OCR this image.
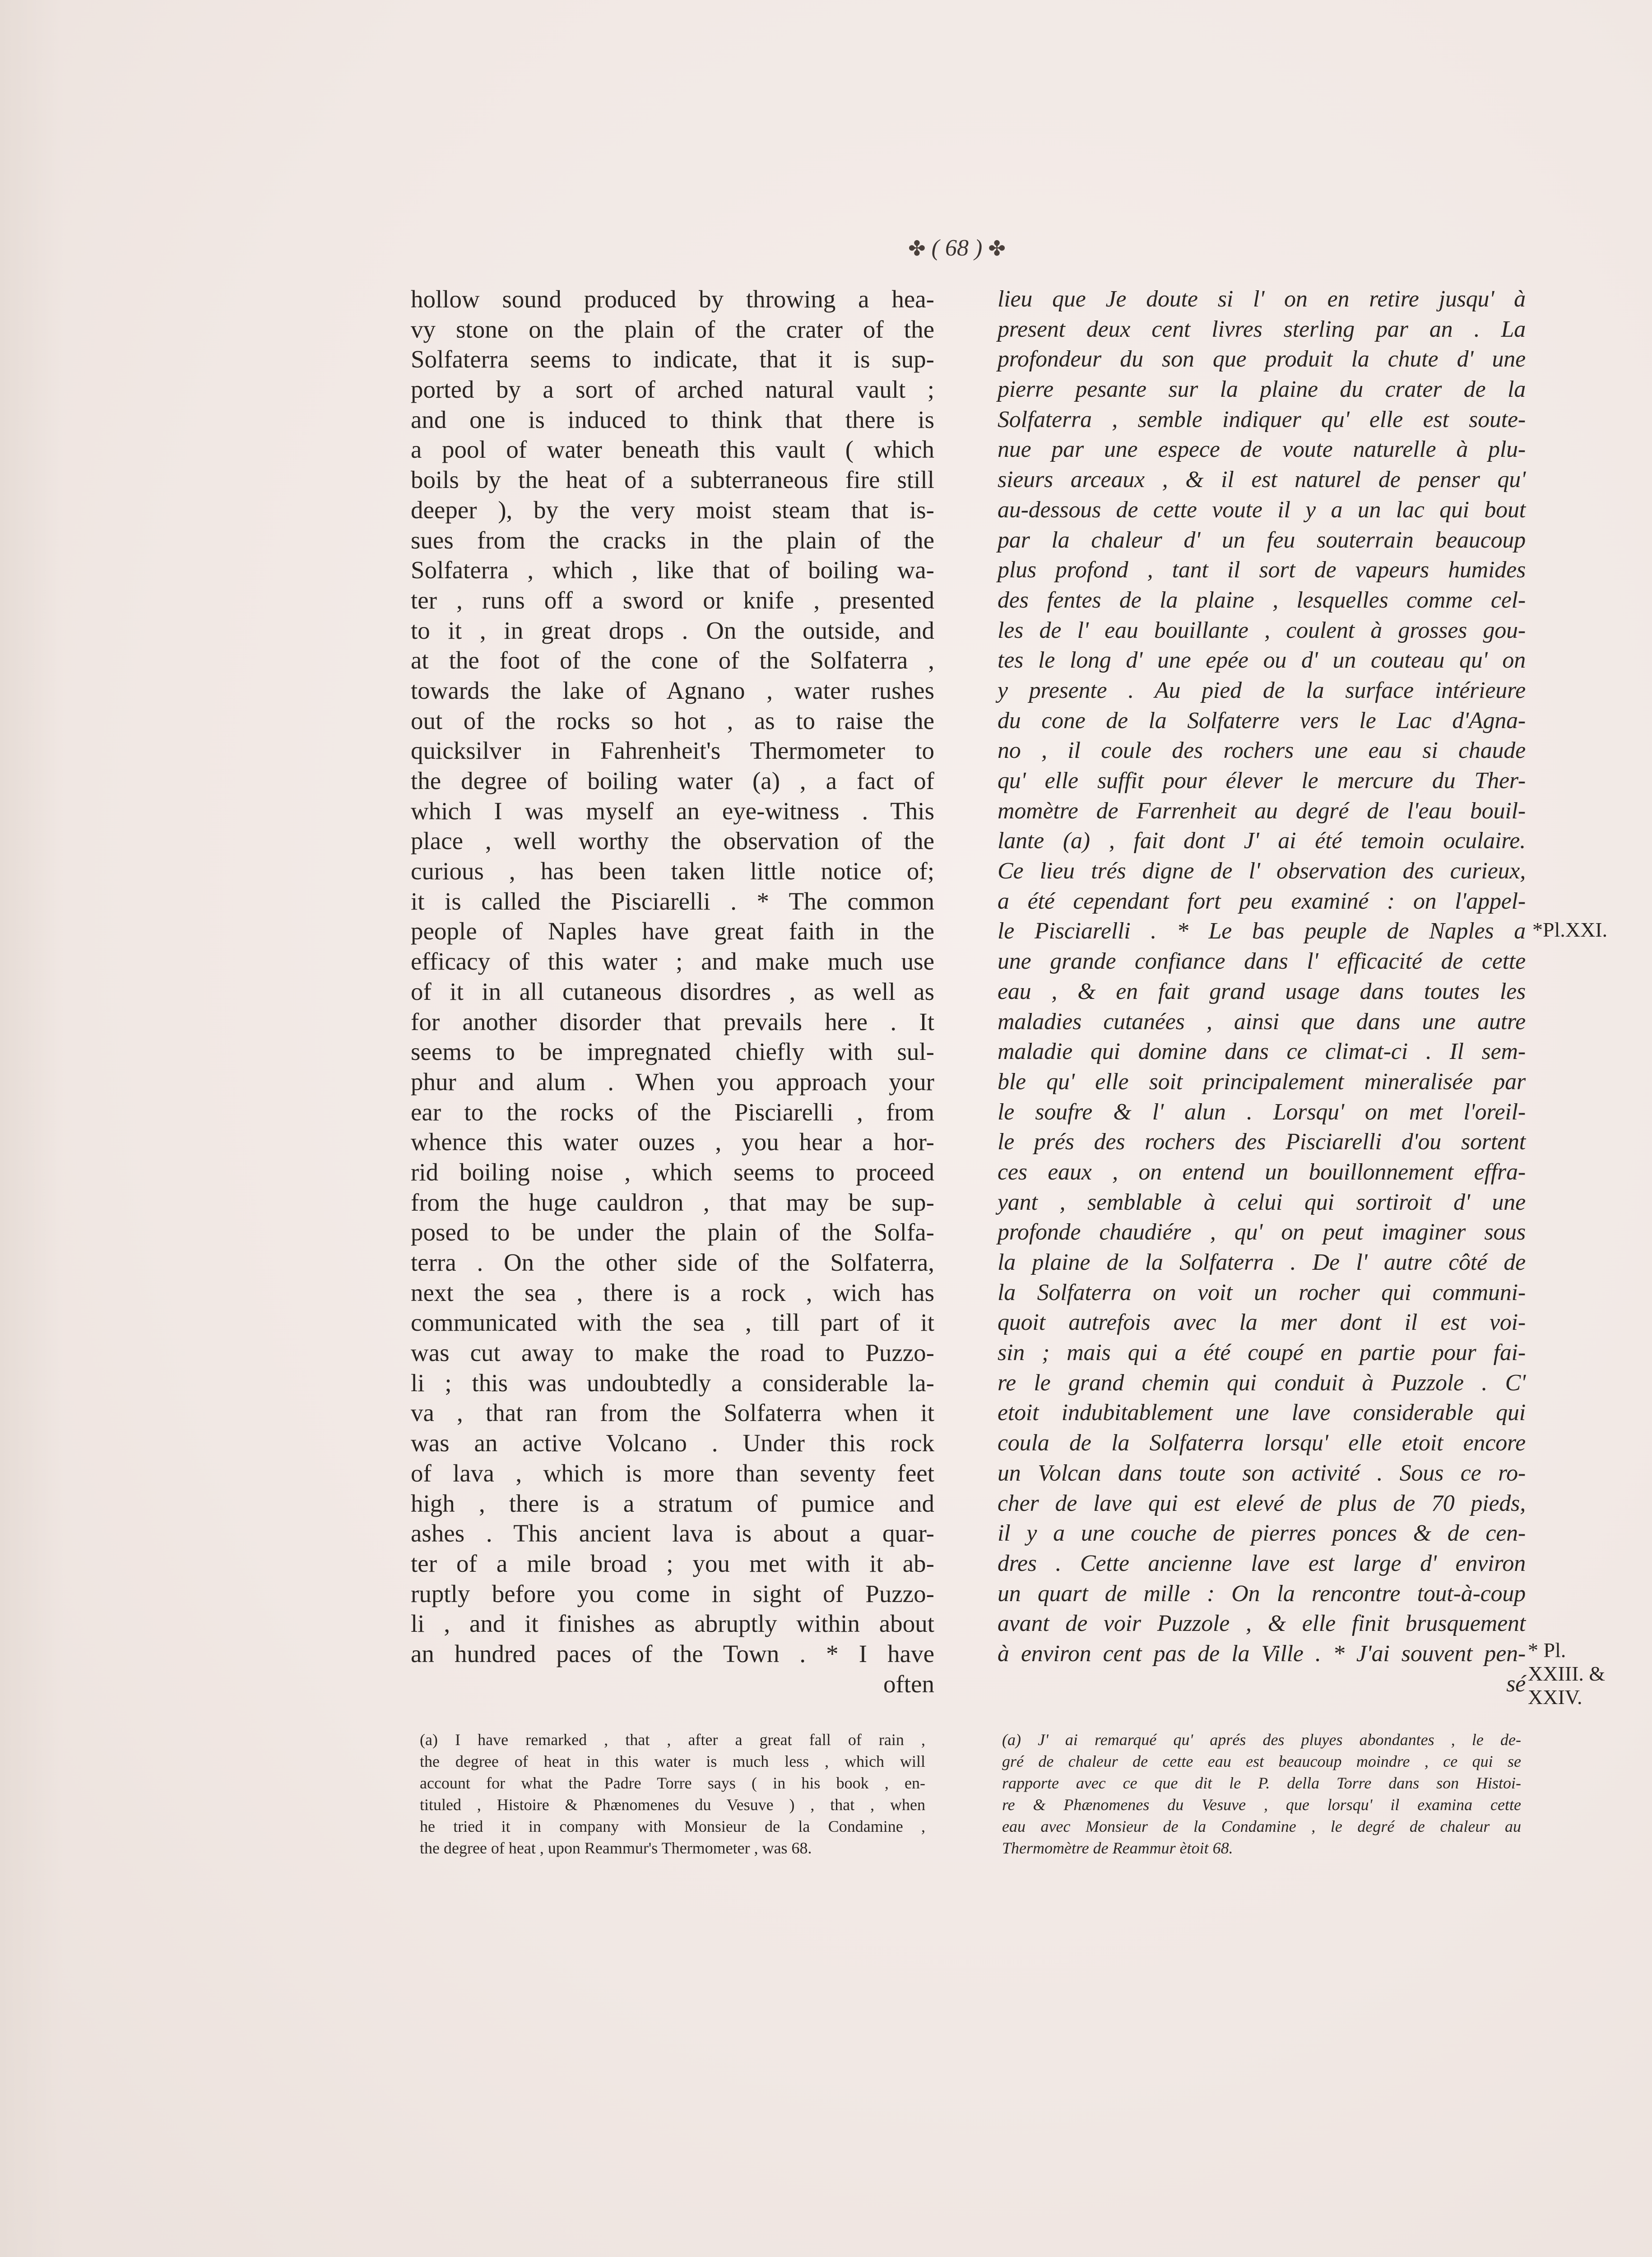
✤ ( 68 ) ✤
hollow sound produced by throwing a hea-
vy stone on the plain of the crater of the
Solfaterra seems to indicate, that it is sup-
ported by a sort of arched natural vault ;
and one is induced to think that there is
a pool of water beneath this vault ( which
boils by the heat of a subterraneous fire still
deeper ), by the very moist steam that is-
sues from the cracks in the plain of the
Solfaterra , which , like that of boiling wa-
ter , runs off a sword or knife , presented
to it , in great drops . On the outside, and
at the foot of the cone of the Solfaterra ,
towards the lake of Agnano , water rushes
out of the rocks so hot , as to raise the
quicksilver in Fahrenheit's Thermometer to
the degree of boiling water (a) , a fact of
which I was myself an eye-witness . This
place , well worthy the observation of the
curious , has been taken little notice of;
it is called the Pisciarelli . * The common
people of Naples have great faith in the
efficacy of this water ; and make much use
of it in all cutaneous disordres , as well as
for another disorder that prevails here . It
seems to be impregnated chiefly with sul-
phur and alum . When you approach your
ear to the rocks of the Pisciarelli , from
whence this water ouzes , you hear a hor-
rid boiling noise , which seems to proceed
from the huge cauldron , that may be sup-
posed to be under the plain of the Solfa-
terra . On the other side of the Solfaterra,
next the sea , there is a rock , wich has
communicated with the sea , till part of it
was cut away to make the road to Puzzo-
li ; this was undoubtedly a considerable la-
va , that ran from the Solfaterra when it
was an active Volcano . Under this rock
of lava , which is more than seventy feet
high , there is a stratum of pumice and
ashes . This ancient lava is about a quar-
ter of a mile broad ; you met with it ab-
ruptly before you come in sight of Puzzo-
li , and it finishes as abruptly within about
an hundred paces of the Town . * I have
often
lieu que Je doute si l' on en retire jusqu' à
present deux cent livres sterling par an . La
profondeur du son que produit la chute d' une
pierre pesante sur la plaine du crater de la
Solfaterra , semble indiquer qu' elle est soute-
nue par une espece de voute naturelle à plu-
sieurs arceaux , & il est naturel de penser qu'
au-dessous de cette voute il y a un lac qui bout
par la chaleur d' un feu souterrain beaucoup
plus profond , tant il sort de vapeurs humides
des fentes de la plaine , lesquelles comme cel-
les de l' eau bouillante , coulent à grosses gou-
tes le long d' une epée ou d' un couteau qu' on
y presente . Au pied de la surface intérieure
du cone de la Solfaterre vers le Lac d'Agna-
no , il coule des rochers une eau si chaude
qu' elle suffit pour élever le mercure du Ther-
momètre de Farrenheit au degré de l'eau bouil-
lante (a) , fait dont J' ai été temoin oculaire.
Ce lieu trés digne de l' observation des curieux,
a été cependant fort peu examiné : on l'appel-
le Pisciarelli . * Le bas peuple de Naples a
une grande confiance dans l' efficacité de cette
eau , & en fait grand usage dans toutes les
maladies cutanées , ainsi que dans une autre
maladie qui domine dans ce climat-ci . Il sem-
ble qu' elle soit principalement mineralisée par
le soufre & l' alun . Lorsqu' on met l'oreil-
le prés des rochers des Pisciarelli d'ou sortent
ces eaux , on entend un bouillonnement effra-
yant , semblable à celui qui sortiroit d' une
profonde chaudiére , qu' on peut imaginer sous
la plaine de la Solfaterra . De l' autre côté de
la Solfaterra on voit un rocher qui communi-
quoit autrefois avec la mer dont il est voi-
sin ; mais qui a été coupé en partie pour fai-
re le grand chemin qui conduit à Puzzole . C'
etoit indubitablement une lave considerable qui
coula de la Solfaterra lorsqu' elle etoit encore
un Volcan dans toute son activité . Sous ce ro-
cher de lave qui est elevé de plus de 70 pieds,
il y a une couche de pierres ponces & de cen-
dres . Cette ancienne lave est large d' environ
un quart de mille : On la rencontre tout-à-coup
avant de voir Puzzole , & elle finit brusquement
à environ cent pas de la Ville . * J'ai souvent pen-
sé
*Pl.XXI.
* Pl.
XXIII. &
XXIV.
(a) I have remarked , that , after a great fall of rain ,
the degree of heat in this water is much less , which will
account for what the Padre Torre says ( in his book , en-
tituled , Histoire & Phænomenes du Vesuve ) , that , when
he tried it in company with Monsieur de la Condamine ,
the degree of heat , upon Reammur's Thermometer , was 68.
(a) J' ai remarqué qu' aprés des pluyes abondantes , le de-
gré de chaleur de cette eau est beaucoup moindre , ce qui se
rapporte avec ce que dit le P. della Torre dans son Histoi-
re & Phænomenes du Vesuve , que lorsqu' il examina cette
eau avec Monsieur de la Condamine , le degré de chaleur au
Thermomètre de Reammur ètoit 68.
